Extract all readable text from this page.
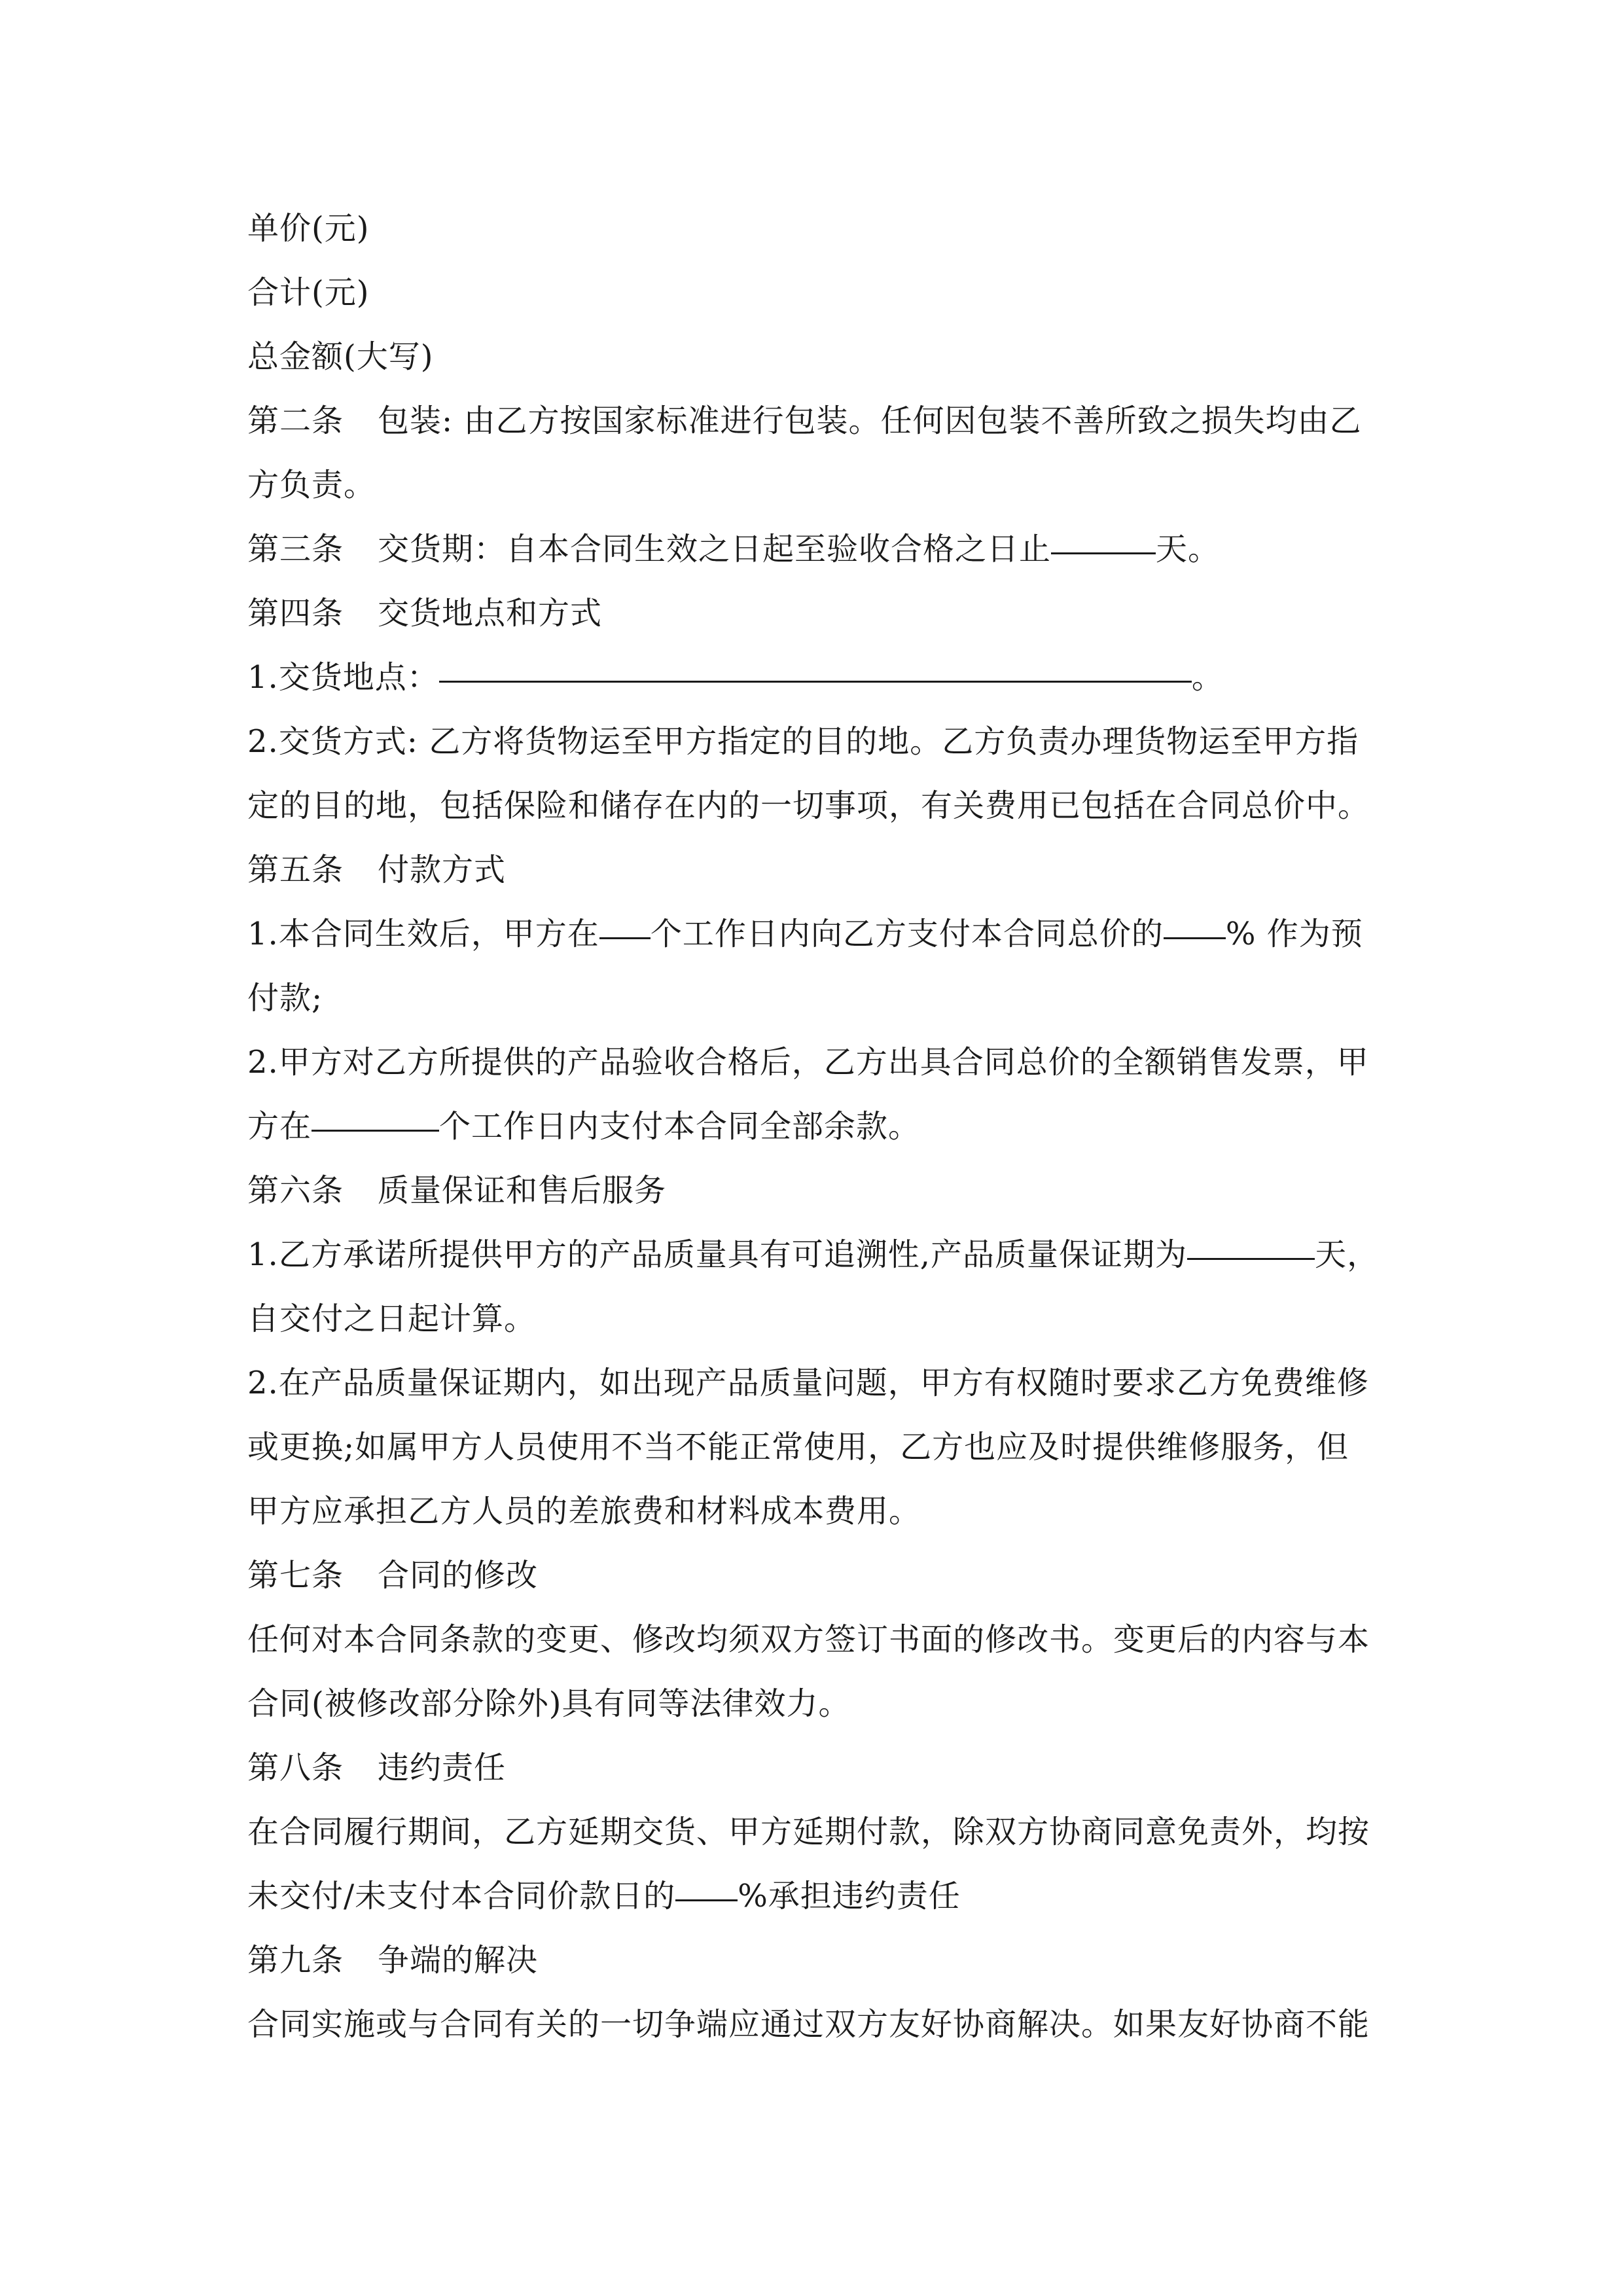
单价(元)
合计(元)
总金额(大写)
第二条 包装: 由乙方按国家标准进行包装。任何因包装不善所致之损失均由乙
方负责。
第三条 交货期：自本合同生效之日起至验收合格之日止	天。
第四条 交货地点和方式
1.交货地点：	。
2.交货方式: 乙方将货物运至甲方指定的目的地。乙方负责办理货物运至甲方指
定的目的地，包括保险和储存在内的一切事项，有关费用已包括在合同总价中。
第五条 付款方式
1.本合同生效后，甲方在 个工作日内向乙方支付本合同总价的 % 作为预
付款;
2.甲方对乙方所提供的产品验收合格后，乙方出具合同总价的全额销售发票，甲
方在	个工作日内支付本合同全部余款。
第六条 质量保证和售后服务
1.乙方承诺所提供甲方的产品质量具有可追溯性,产品质量保证期为	天，
自交付之日起计算。
2.在产品质量保证期内，如出现产品质量问题，甲方有权随时要求乙方免费维修
或更换;如属甲方人员使用不当不能正常使用，乙方也应及时提供维修服务，但
甲方应承担乙方人员的差旅费和材料成本费用。
第七条 合同的修改
任何对本合同条款的变更、修改均须双方签订书面的修改书。变更后的内容与本
合同(被修改部分除外)具有同等法律效力。
第八条 违约责任
在合同履行期间，乙方延期交货、甲方延期付款，除双方协商同意免责外，均按
未交付/未支付本合同价款日的 %承担违约责任
第九条 争端的解决
合同实施或与合同有关的一切争端应通过双方友好协商解决。如果友好协商不能
